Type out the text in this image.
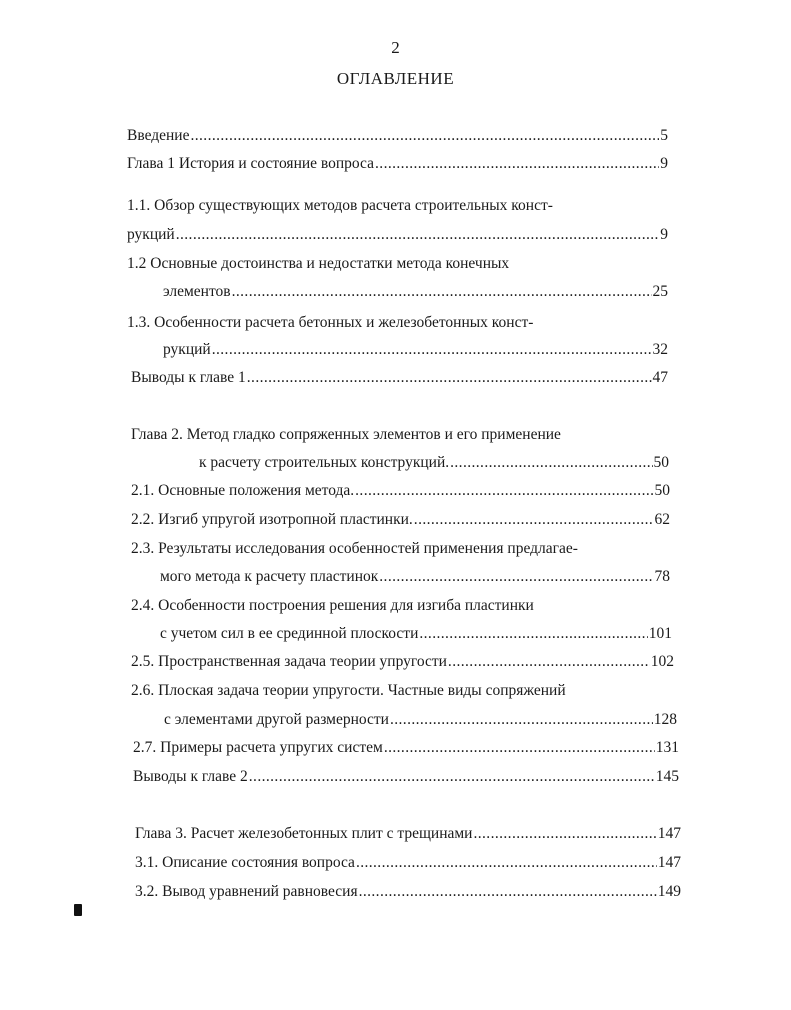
2
ОГЛАВЛЕНИЕ
Введение .....	5
Глава 1 История и состояние вопроса .....	9
1.1. Обзор существующих методов расчета строительных конст-
рукций .....	9
1.2 Основные достоинства и недостатки метода конечных
элементов .....	25
1.3. Особенности расчета бетонных и железобетонных конст-
рукций .....	32
Выводы к главе 1 .....	47
Глава 2. Метод гладко сопряженных элементов и его применение
к расчету строительных конструкций. .....	50
2.1. Основные положения метода. .....	50
2.2. Изгиб упругой изотропной пластинки. .....	62
2.3. Результаты исследования особенностей применения предлагае-
мого метода к расчету пластинок .....	78
2.4. Особенности построения решения для изгиба пластинки
с учетом сил в ее срединной плоскости .....	101
2.5. Пространственная задача теории упругости .....	102
2.6. Плоская задача теории упругости. Частные виды сопряжений
с элементами другой размерности .....	128
2.7. Примеры расчета упругих систем .....	131
Выводы к главе 2 .....	145
Глава 3. Расчет железобетонных плит с трещинами .....	147
3.1. Описание состояния вопроса .....	147
3.2. Вывод уравнений равновесия .....	149
